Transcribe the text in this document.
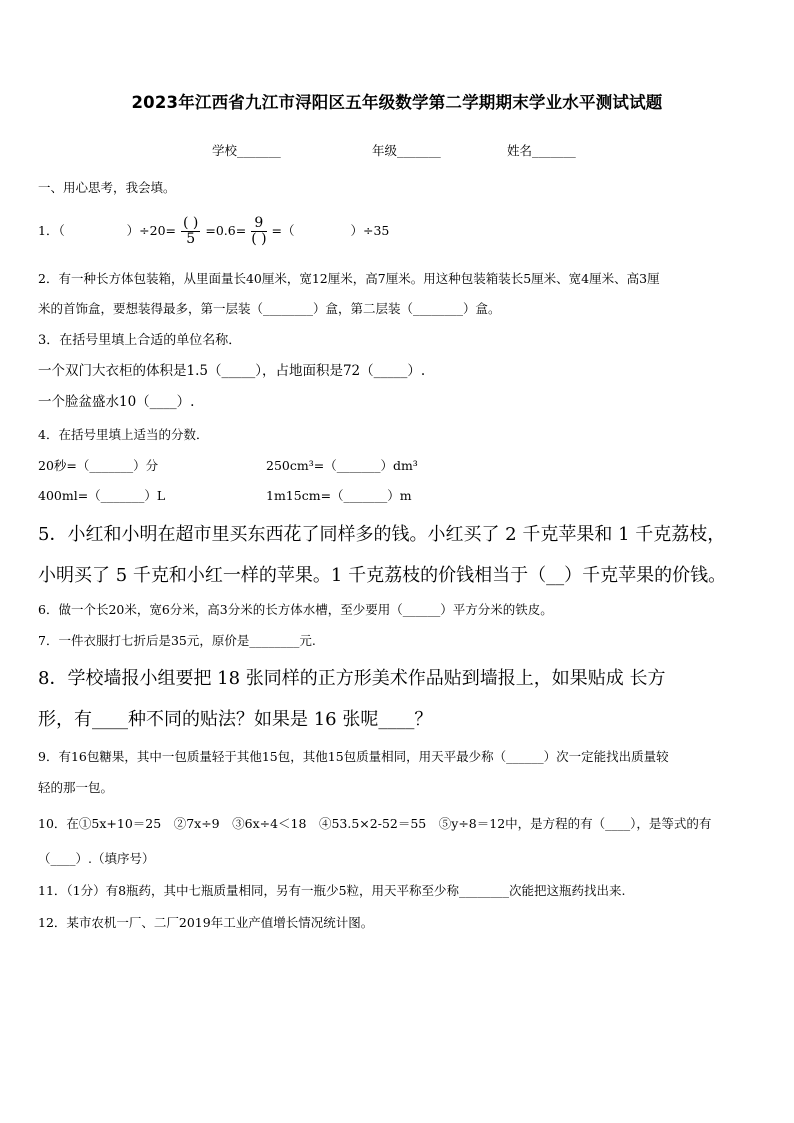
2023年江西省九江市浔阳区五年级数学第二学期期末学业水平测试试题
学校_______	年级_______	姓名_______
一、用心思考，我会填。
1．（	）$\div 20= \frac{( )}{5} =0.6= \frac{9}{( )}$ =（	）÷35
2．有一种长方体包装箱，从里面量长40厘米，宽12厘米，高7厘米。用这种包装箱装长5厘米、宽4厘米、高3厘
米的首饰盒，要想装得最多，第一层装（________）盒，第二层装（________）盒。
3．在括号里填上合适的单位名称．
一个双门大衣柜的体积是1.5（_____），占地面积是72（_____）.
一个脸盆盛水10（____）.
4．在括号里填上适当的分数．
20秒=（_______）分	250cm³=（_______）dm³
400ml=（_______）L	1m15cm=（_______）m
5．小红和小明在超市里买东西花了同样多的钱。小红买了 2 千克苹果和 1 千克荔枝，
小明买了 5 千克和小红一样的苹果。1 千克荔枝的价钱相当于（__）千克苹果的价钱。
6．做一个长20米，宽6分米，高3分米的长方体水槽，至少要用（______）平方分米的铁皮。
7．一件衣服打七折后是35元，原价是________元.
8．学校墙报小组要把 18 张同样的正方形美术作品贴到墙报上，如果贴成 长方
形，有____种不同的贴法？如果是 16 张呢____？
9．有16包糖果，其中一包质量轻于其他15包，其他15包质量相同，用天平最少称（______）次一定能找出质量较
轻的那一包。
10．在①5x+10＝25　②7x÷9　③6x÷4＜18　④53.5×2-52＝55　⑤y÷8＝12中，是方程的有（____），是等式的有
（____）.（填序号）
11．（1分）有8瓶药，其中七瓶质量相同，另有一瓶少5粒，用天平称至少称________次能把这瓶药找出来.
12．某市农机一厂、二厂2019年工业产值增长情况统计图。
